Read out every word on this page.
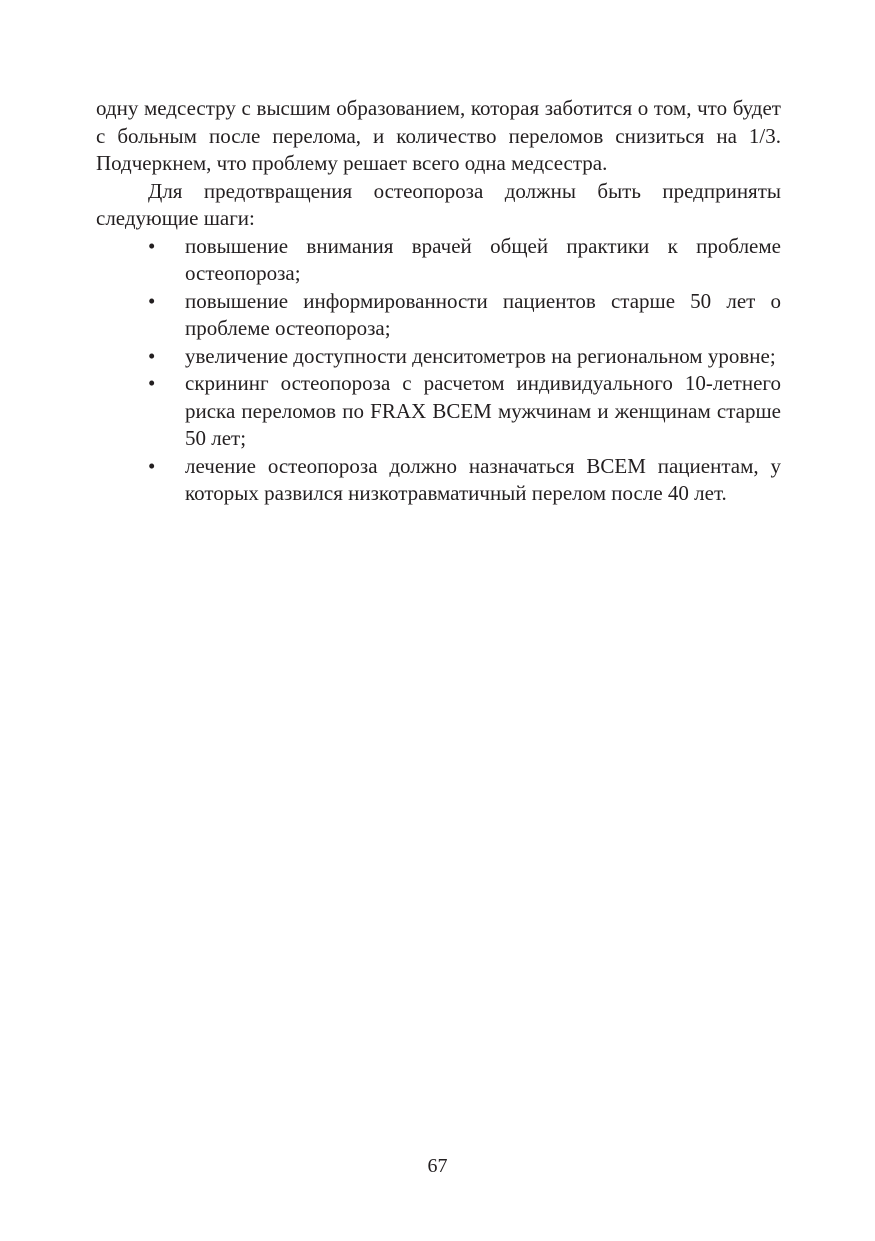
одну медсестру с высшим образованием, которая заботится о том, что будет с больным после перелома, и количество переломов снизиться на 1/3. Подчеркнем, что проблему решает всего одна медсестра.

Для предотвращения остеопороза должны быть предприняты следующие шаги:

• повышение внимания врачей общей практики к проблеме остеопороза;
• повышение информированности пациентов старше 50 лет о проблеме остеопороза;
• увеличение доступности денситометров на региональном уровне;
• скрининг остеопороза с расчетом индивидуального 10-летнего риска переломов по FRAX ВСЕМ мужчинам и женщинам старше 50 лет;
• лечение остеопороза должно назначаться ВСЕМ пациентам, у которых развился низкотравматичный перелом после 40 лет.
67
